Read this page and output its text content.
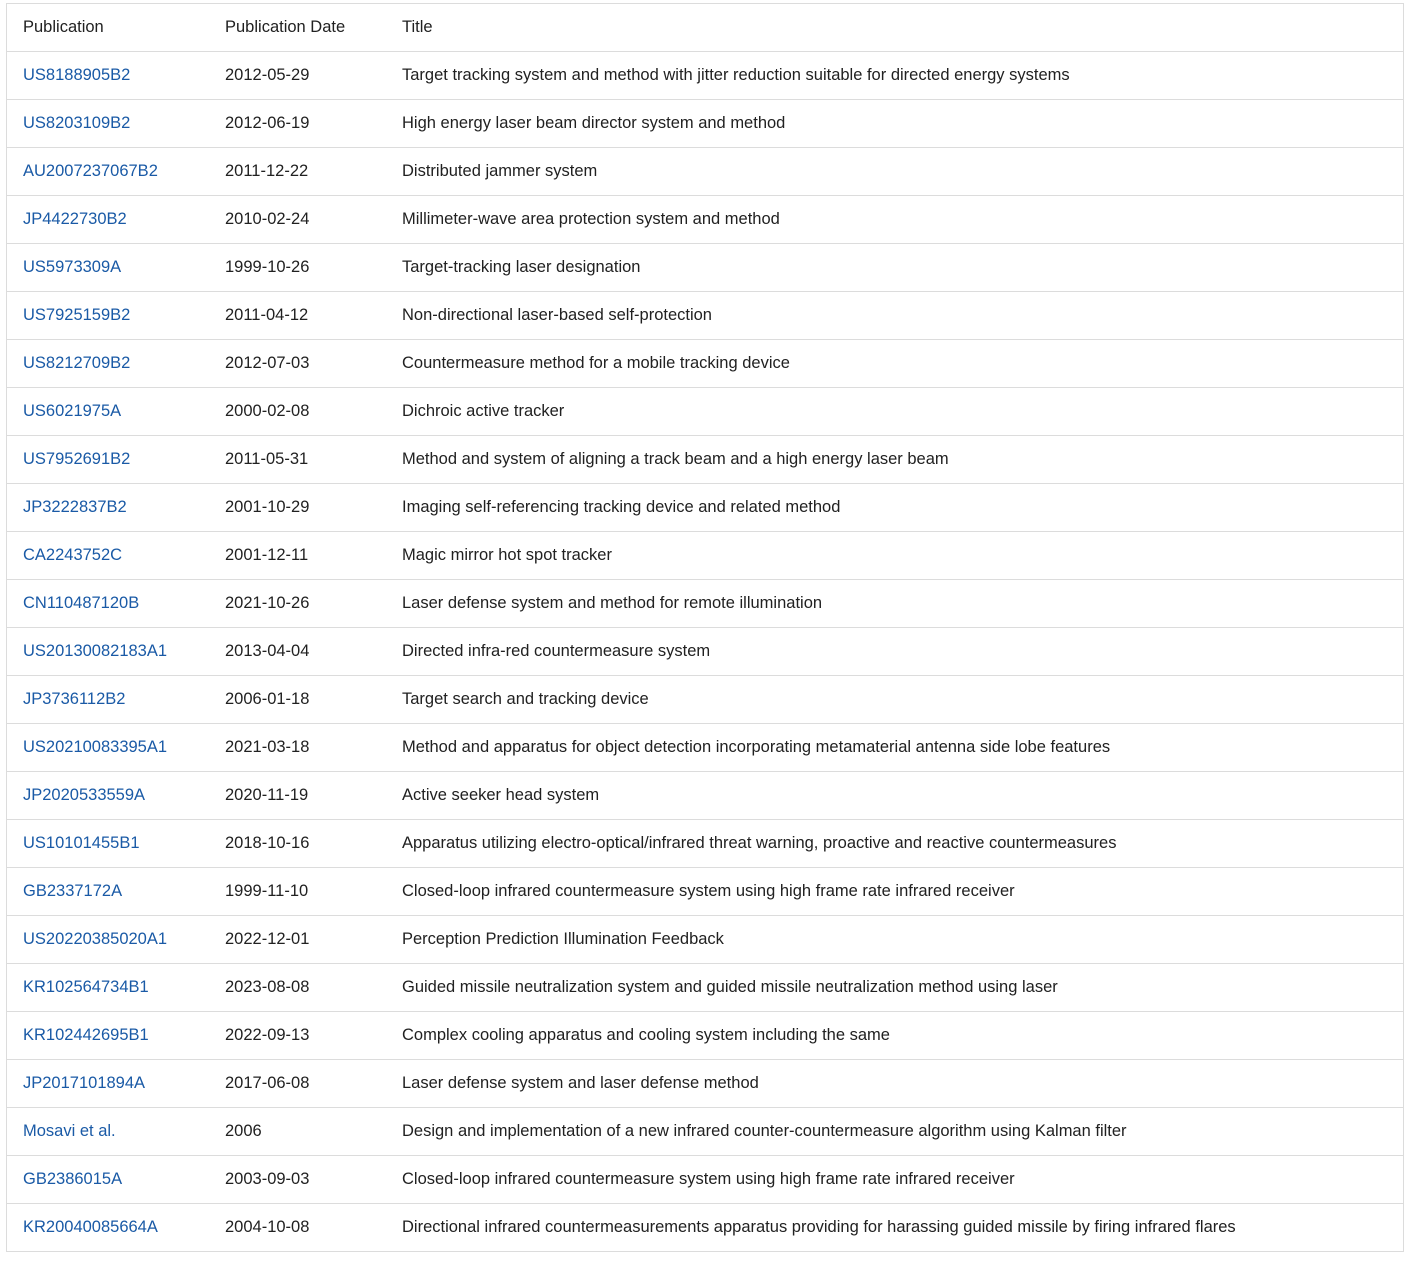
Publication	Publication Date	Title
US8188905B2	2012-05-29	Target tracking system and method with jitter reduction suitable for directed energy systems
US8203109B2	2012-06-19	High energy laser beam director system and method
AU2007237067B2	2011-12-22	Distributed jammer system
JP4422730B2	2010-02-24	Millimeter-wave area protection system and method
US5973309A	1999-10-26	Target-tracking laser designation
US7925159B2	2011-04-12	Non-directional laser-based self-protection
US8212709B2	2012-07-03	Countermeasure method for a mobile tracking device
US6021975A	2000-02-08	Dichroic active tracker
US7952691B2	2011-05-31	Method and system of aligning a track beam and a high energy laser beam
JP3222837B2	2001-10-29	Imaging self-referencing tracking device and related method
CA2243752C	2001-12-11	Magic mirror hot spot tracker
CN110487120B	2021-10-26	Laser defense system and method for remote illumination
US20130082183A1	2013-04-04	Directed infra-red countermeasure system
JP3736112B2	2006-01-18	Target search and tracking device
US20210083395A1	2021-03-18	Method and apparatus for object detection incorporating metamaterial antenna side lobe features
JP2020533559A	2020-11-19	Active seeker head system
US10101455B1	2018-10-16	Apparatus utilizing electro-optical/infrared threat warning, proactive and reactive countermeasures
GB2337172A	1999-11-10	Closed-loop infrared countermeasure system using high frame rate infrared receiver
US20220385020A1	2022-12-01	Perception Prediction Illumination Feedback
KR102564734B1	2023-08-08	Guided missile neutralization system and guided missile neutralization method using laser
KR102442695B1	2022-09-13	Complex cooling apparatus and cooling system including the same
JP2017101894A	2017-06-08	Laser defense system and laser defense method
Mosavi et al.	2006	Design and implementation of a new infrared counter-countermeasure algorithm using Kalman filter
GB2386015A	2003-09-03	Closed-loop infrared countermeasure system using high frame rate infrared receiver
KR20040085664A	2004-10-08	Directional infrared countermeasurements apparatus providing for harassing guided missile by firing infrared flares
